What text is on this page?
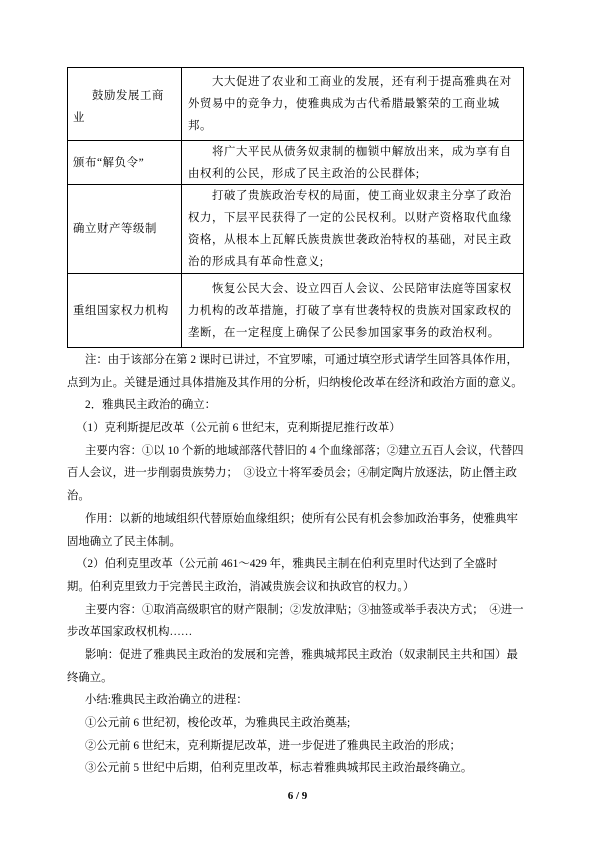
鼓励发展工商
业
大大促进了农业和工商业的发展，还有利于提高雅典在对
外贸易中的竞争力，使雅典成为古代希腊最繁荣的工商业城
邦。
颁布“解负令”
将广大平民从债务奴隶制的枷锁中解放出来，成为享有自
由权利的公民，形成了民主政治的公民群体;
确立财产等级制
打破了贵族政治专权的局面，使工商业奴隶主分享了政治
权力，下层平民获得了一定的公民权利。以财产资格取代血缘
资格，从根本上瓦解氏族贵族世袭政治特权的基础，对民主政
治的形成具有革命性意义;
重组国家权力机构
恢复公民大会、设立四百人会议、公民陪审法庭等国家权
力机构的改革措施，打破了享有世袭特权的贵族对国家政权的
垄断，在一定程度上确保了公民参加国家事务的政治权利。
注：由于该部分在第 2 课时已讲过，不宜罗嗦，可通过填空形式请学生回答具体作用，
点到为止。关键是通过具体措施及其作用的分析，归纳梭伦改革在经济和政治方面的意义。
2．雅典民主政治的确立：
（1）克利斯提尼改革（公元前 6 世纪末，克利斯提尼推行改革）
主要内容：①以 10 个新的地域部落代替旧的 4 个血缘部落；②建立五百人会议，代替四
百人会议，进一步削弱贵族势力；  ③设立十将军委员会；④制定陶片放逐法，防止僭主政
治。
作用：以新的地域组织代替原始血缘组织；使所有公民有机会参加政治事务，使雅典牢
固地确立了民主体制。
（2）伯利克里改革（公元前 461～429 年，雅典民主制在伯利克里时代达到了全盛时
期。伯利克里致力于完善民主政治，消减贵族会议和执政官的权力。）
主要内容：①取消高级职官的财产限制；②发放津贴；③抽签或举手表决方式；  ④进一
步改革国家政权机构……
影响：促进了雅典民主政治的发展和完善，雅典城邦民主政治（奴隶制民主共和国）最
终确立。
小结:雅典民主政治确立的进程：
①公元前 6 世纪初，梭伦改革，为雅典民主政治奠基;
②公元前 6 世纪末，克利斯提尼改革，进一步促进了雅典民主政治的形成；
③公元前 5 世纪中后期，伯利克里改革，标志着雅典城邦民主政治最终确立。
6 / 9
